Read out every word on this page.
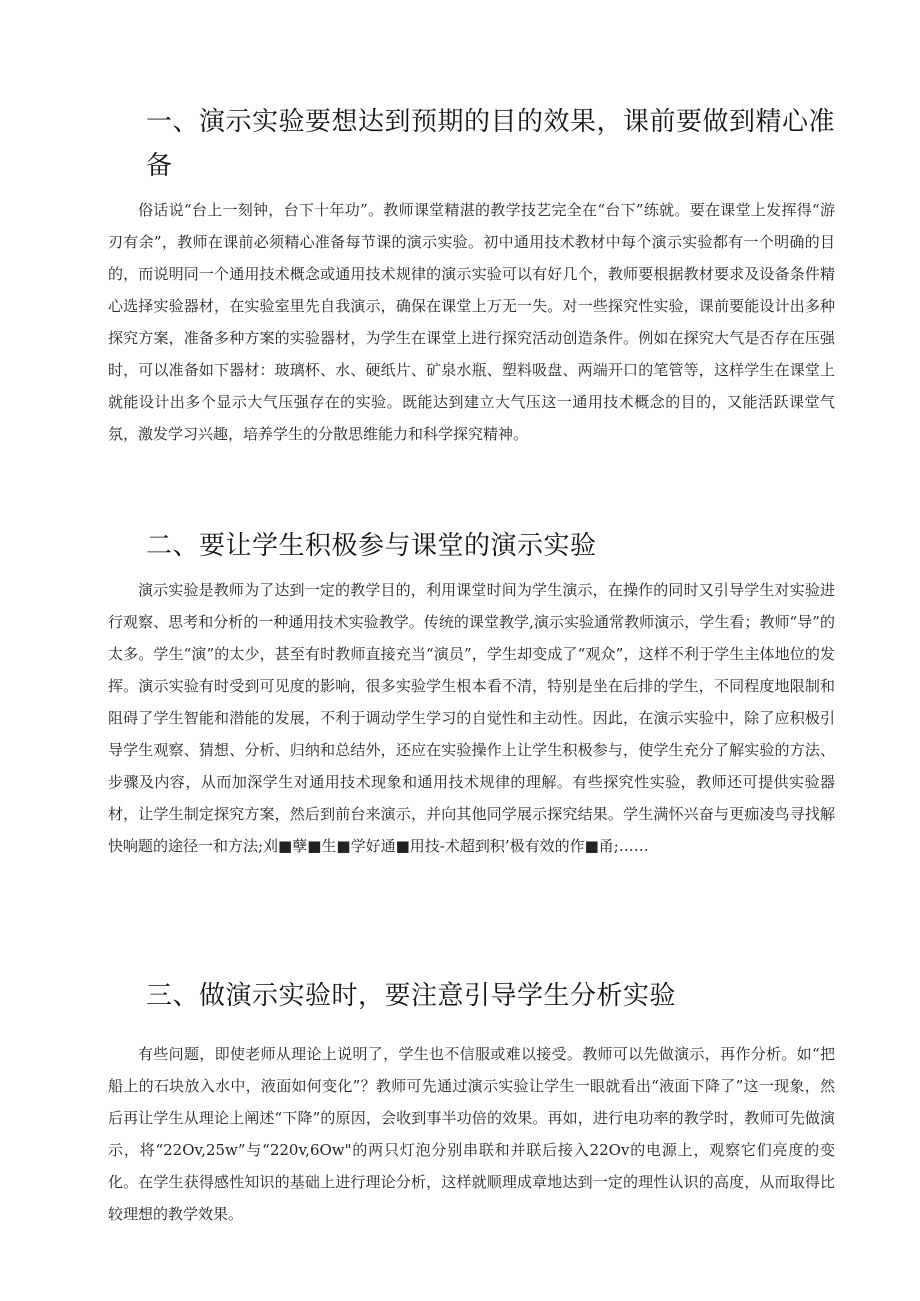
一、演示实验要想达到预期的目的效果，课前要做到精心准备

俗话说“台上一刻钟，台下十年功”。教师课堂精湛的教学技艺完全在“台下”练就。要在课堂上发挥得“游刃有余”，教师在课前必须精心准备每节课的演示实验。初中通用技术教材中每个演示实验都有一个明确的目的，而说明同一个通用技术概念或通用技术规律的演示实验可以有好几个，教师要根据教材要求及设备条件精心选择实验器材，在实验室里先自我演示，确保在课堂上万无一失。对一些探究性实验，课前要能设计出多种探究方案，准备多种方案的实验器材，为学生在课堂上进行探究活动创造条件。例如在探究大气是否存在压强时，可以准备如下器材：玻璃杯、水、硬纸片、矿泉水瓶、塑料吸盘、两端开口的笔管等，这样学生在课堂上就能设计出多个显示大气压强存在的实验。既能达到建立大气压这一通用技术概念的目的，又能活跃课堂气氛，激发学习兴趣，培养学生的分散思维能力和科学探究精神。

二、要让学生积极参与课堂的演示实验

演示实验是教师为了达到一定的教学目的，利用课堂时间为学生演示，在操作的同时又引导学生对实验进行观察、思考和分析的一种通用技术实验教学。传统的课堂教学,演示实验通常教师演示，学生看；教师“导”的太多。学生“演”的太少，甚至有时教师直接充当“演员”，学生却变成了“观众”，这样不利于学生主体地位的发挥。演示实验有时受到可见度的影响，很多实验学生根本看不清，特别是坐在后排的学生，不同程度地限制和阻碍了学生智能和潜能的发展，不利于调动学生学习的自觉性和主动性。因此，在演示实验中，除了应积极引导学生观察、猜想、分析、归纳和总结外，还应在实验操作上让学生积极参与，使学生充分了解实验的方法、步骤及内容，从而加深学生对通用技术现象和通用技术规律的理解。有些探究性实验，教师还可提供实验器材，让学生制定探究方案，然后到前台来演示，并向其他同学展示探究结果。学生满怀兴奋与更痂凌鸟寻找解快响题的途径一和方法;刈■孽■生■学好通■用技-术超到积’极有效的作■甬;……

三、做演示实验时，要注意引导学生分析实验

有些问题，即使老师从理论上说明了，学生也不信服或难以接受。教师可以先做演示，再作分析。如“把船上的石块放入水中，液面如何变化”？教师可先通过演示实验让学生一眼就看出“液面下降了”这一现象，然后再让学生从理论上阐述“下降”的原因，会收到事半功倍的效果。再如，进行电功率的教学时，教师可先做演示，将“22Ov,25w”与“220v,6Ow"的两只灯泡分别串联和并联后接入22Ov的电源上，观察它们亮度的变化。在学生获得感性知识的基础上进行理论分析，这样就顺理成章地达到一定的理性认识的高度，从而取得比较理想的教学效果。
